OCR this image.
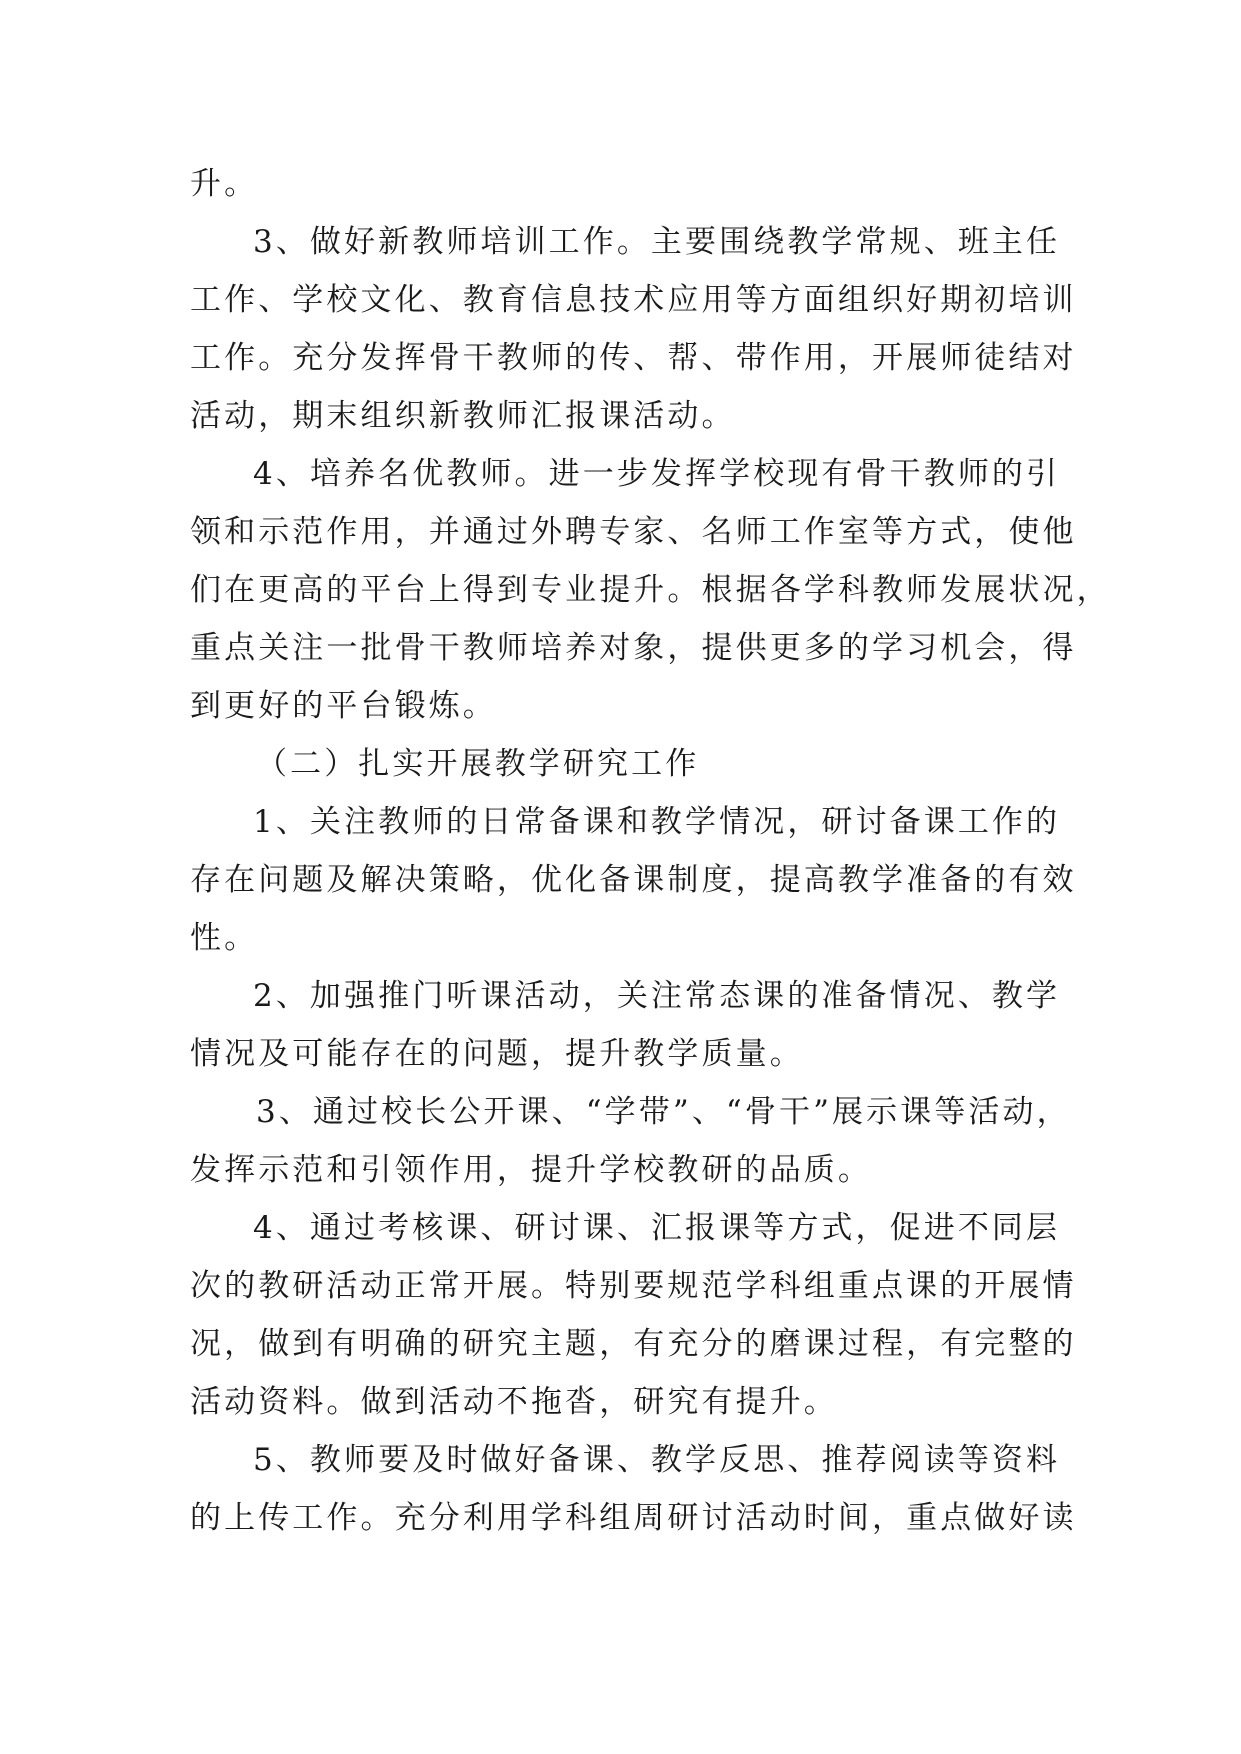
升。
3、做好新教师培训工作。主要围绕教学常规、班主任
工作、学校文化、教育信息技术应用等方面组织好期初培训
工作。充分发挥骨干教师的传、帮、带作用，开展师徒结对
活动，期末组织新教师汇报课活动。
4、培养名优教师。进一步发挥学校现有骨干教师的引
领和示范作用，并通过外聘专家、名师工作室等方式，使他
们在更高的平台上得到专业提升。根据各学科教师发展状况，
重点关注一批骨干教师培养对象，提供更多的学习机会，得
到更好的平台锻炼。
（二）扎实开展教学研究工作
1、关注教师的日常备课和教学情况，研讨备课工作的
存在问题及解决策略，优化备课制度，提高教学准备的有效
性。
2、加强推门听课活动，关注常态课的准备情况、教学
情况及可能存在的问题，提升教学质量。
3、通过校长公开课、“学带”、“骨干”展示课等活动，
发挥示范和引领作用，提升学校教研的品质。
4、通过考核课、研讨课、汇报课等方式，促进不同层
次的教研活动正常开展。特别要规范学科组重点课的开展情
况，做到有明确的研究主题，有充分的磨课过程，有完整的
活动资料。做到活动不拖沓，研究有提升。
5、教师要及时做好备课、教学反思、推荐阅读等资料
的上传工作。充分利用学科组周研讨活动时间，重点做好读
